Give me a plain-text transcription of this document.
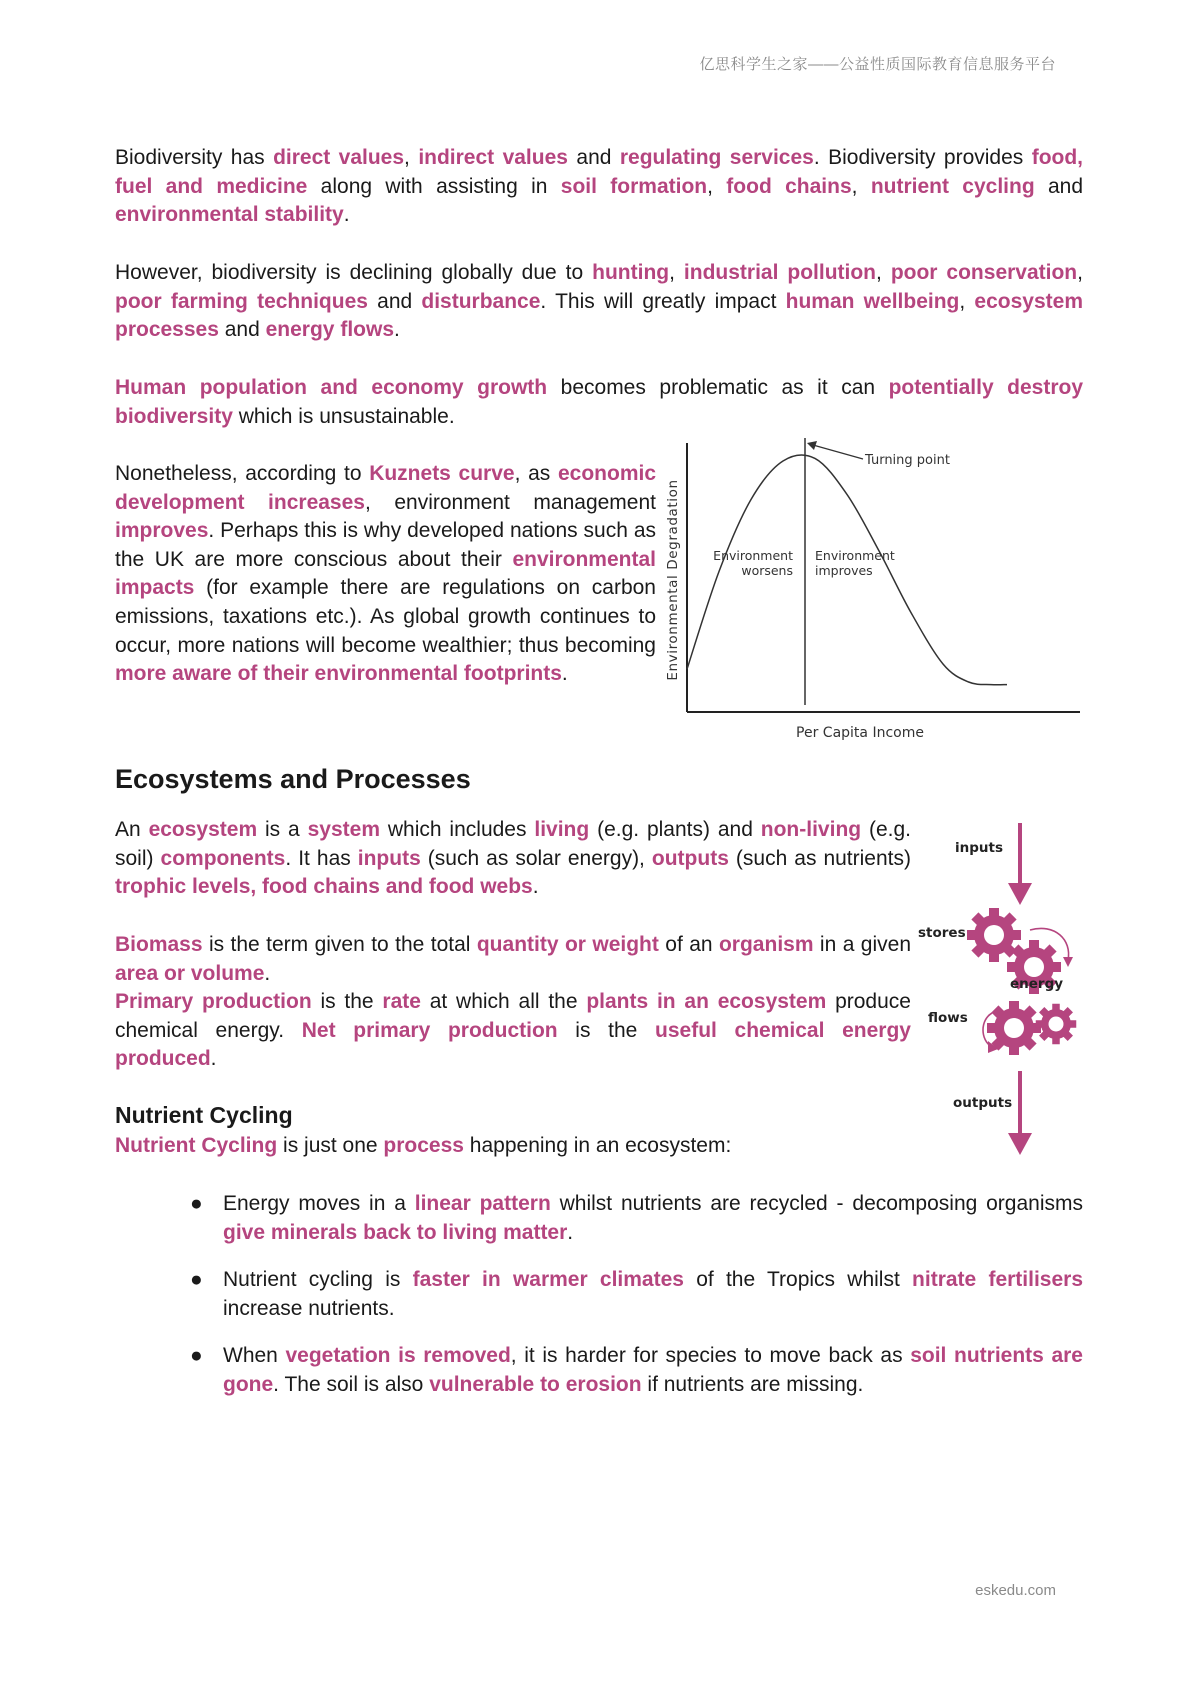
亿思科学生之家——公益性质国际教育信息服务平台

Biodiversity has direct values, indirect values and regulating services. Biodiversity provides food, fuel and medicine along with assisting in soil formation, food chains, nutrient cycling and environmental stability.

However, biodiversity is declining globally due to hunting, industrial pollution, poor conservation, poor farming techniques and disturbance. This will greatly impact human wellbeing, ecosystem processes and energy flows.

Human population and economy growth becomes problematic as it can potentially destroy biodiversity which is unsustainable.

Nonetheless, according to Kuznets curve, as economic development increases, environment management improves. Perhaps this is why developed nations such as the UK are more conscious about their environmental impacts (for example there are regulations on carbon emissions, taxations etc.). As global growth continues to occur, more nations will become wealthier; thus becoming more aware of their environmental footprints.

Turning point
Environment
worsens
Environment
improves
Environmental Degradation
Per Capita Income
Ecosystems and Processes

An ecosystem is a system which includes living (e.g. plants) and non-living (e.g. soil) components. It has inputs (such as solar energy), outputs (such as nutrients) trophic levels, food chains and food webs.

Biomass is the term given to the total quantity or weight of an organism in a given area or volume.

Primary production is the rate at which all the plants in an ecosystem produce chemical energy. Net primary production is the useful chemical energy produced.

inputs
stores
energy
flows
outputs
Nutrient Cycling

Nutrient Cycling is just one process happening in an ecosystem:

● Energy moves in a linear pattern whilst nutrients are recycled - decomposing organisms give minerals back to living matter.
● Nutrient cycling is faster in warmer climates of the Tropics whilst nitrate fertilisers increase nutrients.
● When vegetation is removed, it is harder for species to move back as soil nutrients are gone. The soil is also vulnerable to erosion if nutrients are missing.
eskedu.com
